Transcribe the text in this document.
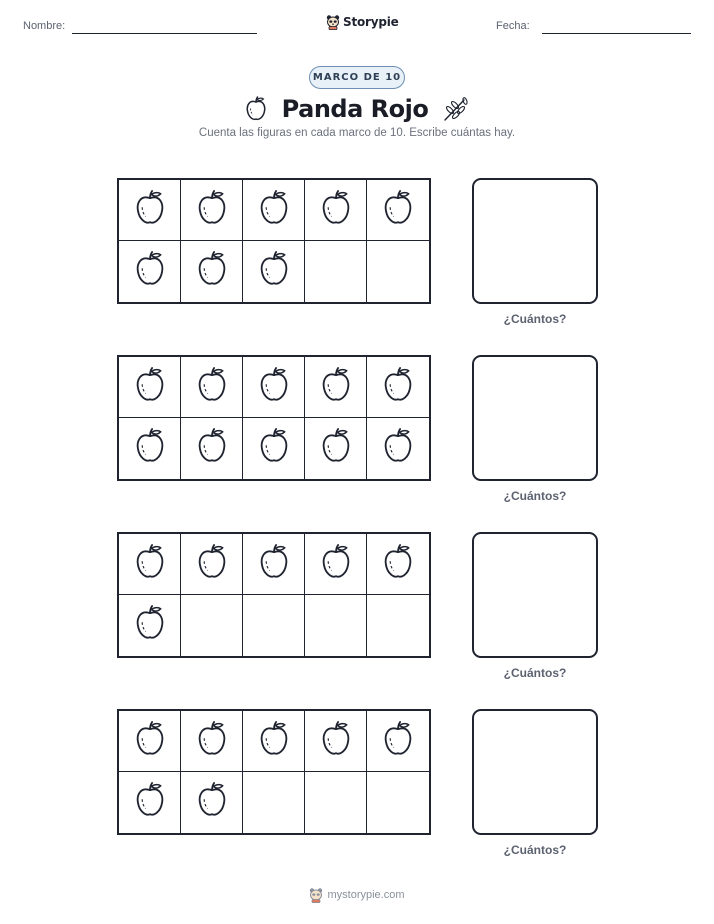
Nombre:	Storypie	Fecha:
MARCO DE 10
Panda Rojo
Cuenta las figuras en cada marco de 10. Escribe cuántas hay.
¿Cuántos?
¿Cuántos?
¿Cuántos?
¿Cuántos?
mystorypie.com
